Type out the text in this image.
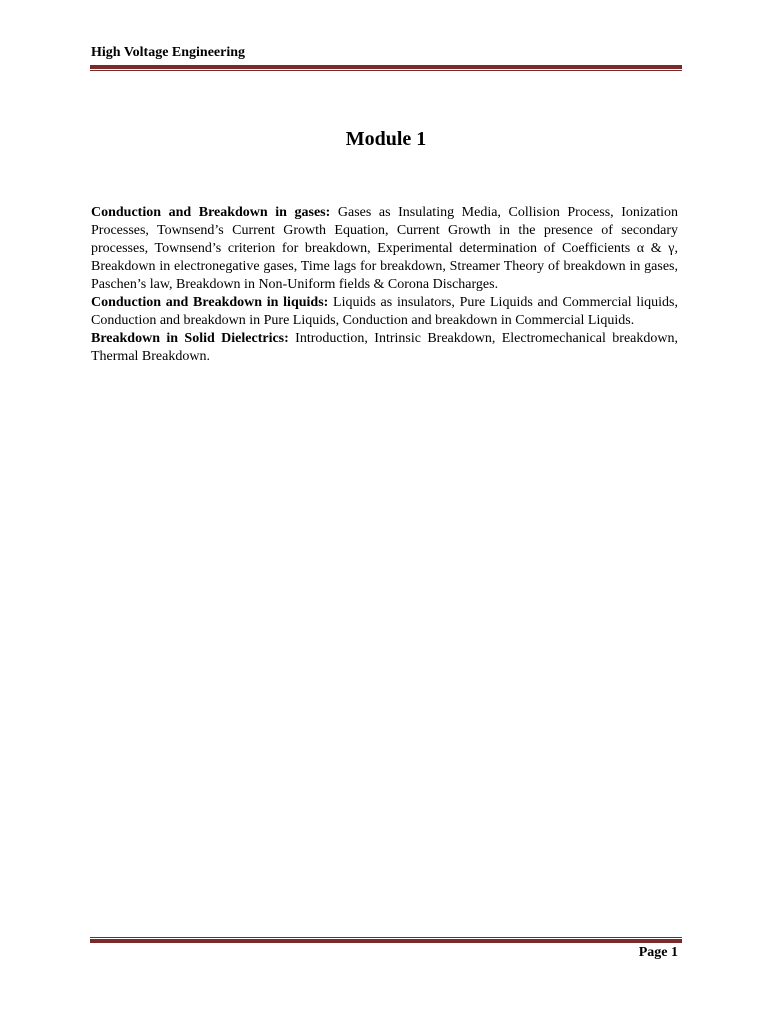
High Voltage Engineering
Module 1

Conduction and Breakdown in gases: Gases as Insulating Media, Collision Process, Ionization Processes, Townsend’s Current Growth Equation, Current Growth in the presence of secondary processes, Townsend’s criterion for breakdown, Experimental determination of Coefficients α & γ, Breakdown in electronegative gases, Time lags for breakdown, Streamer Theory of breakdown in gases, Paschen’s law, Breakdown in Non-Uniform fields & Corona Discharges.

Conduction and Breakdown in liquids: Liquids as insulators, Pure Liquids and Commercial liquids, Conduction and breakdown in Pure Liquids, Conduction and breakdown in Commercial Liquids.

Breakdown in Solid Dielectrics: Introduction, Intrinsic Breakdown, Electromechanical breakdown, Thermal Breakdown.

Page 1
